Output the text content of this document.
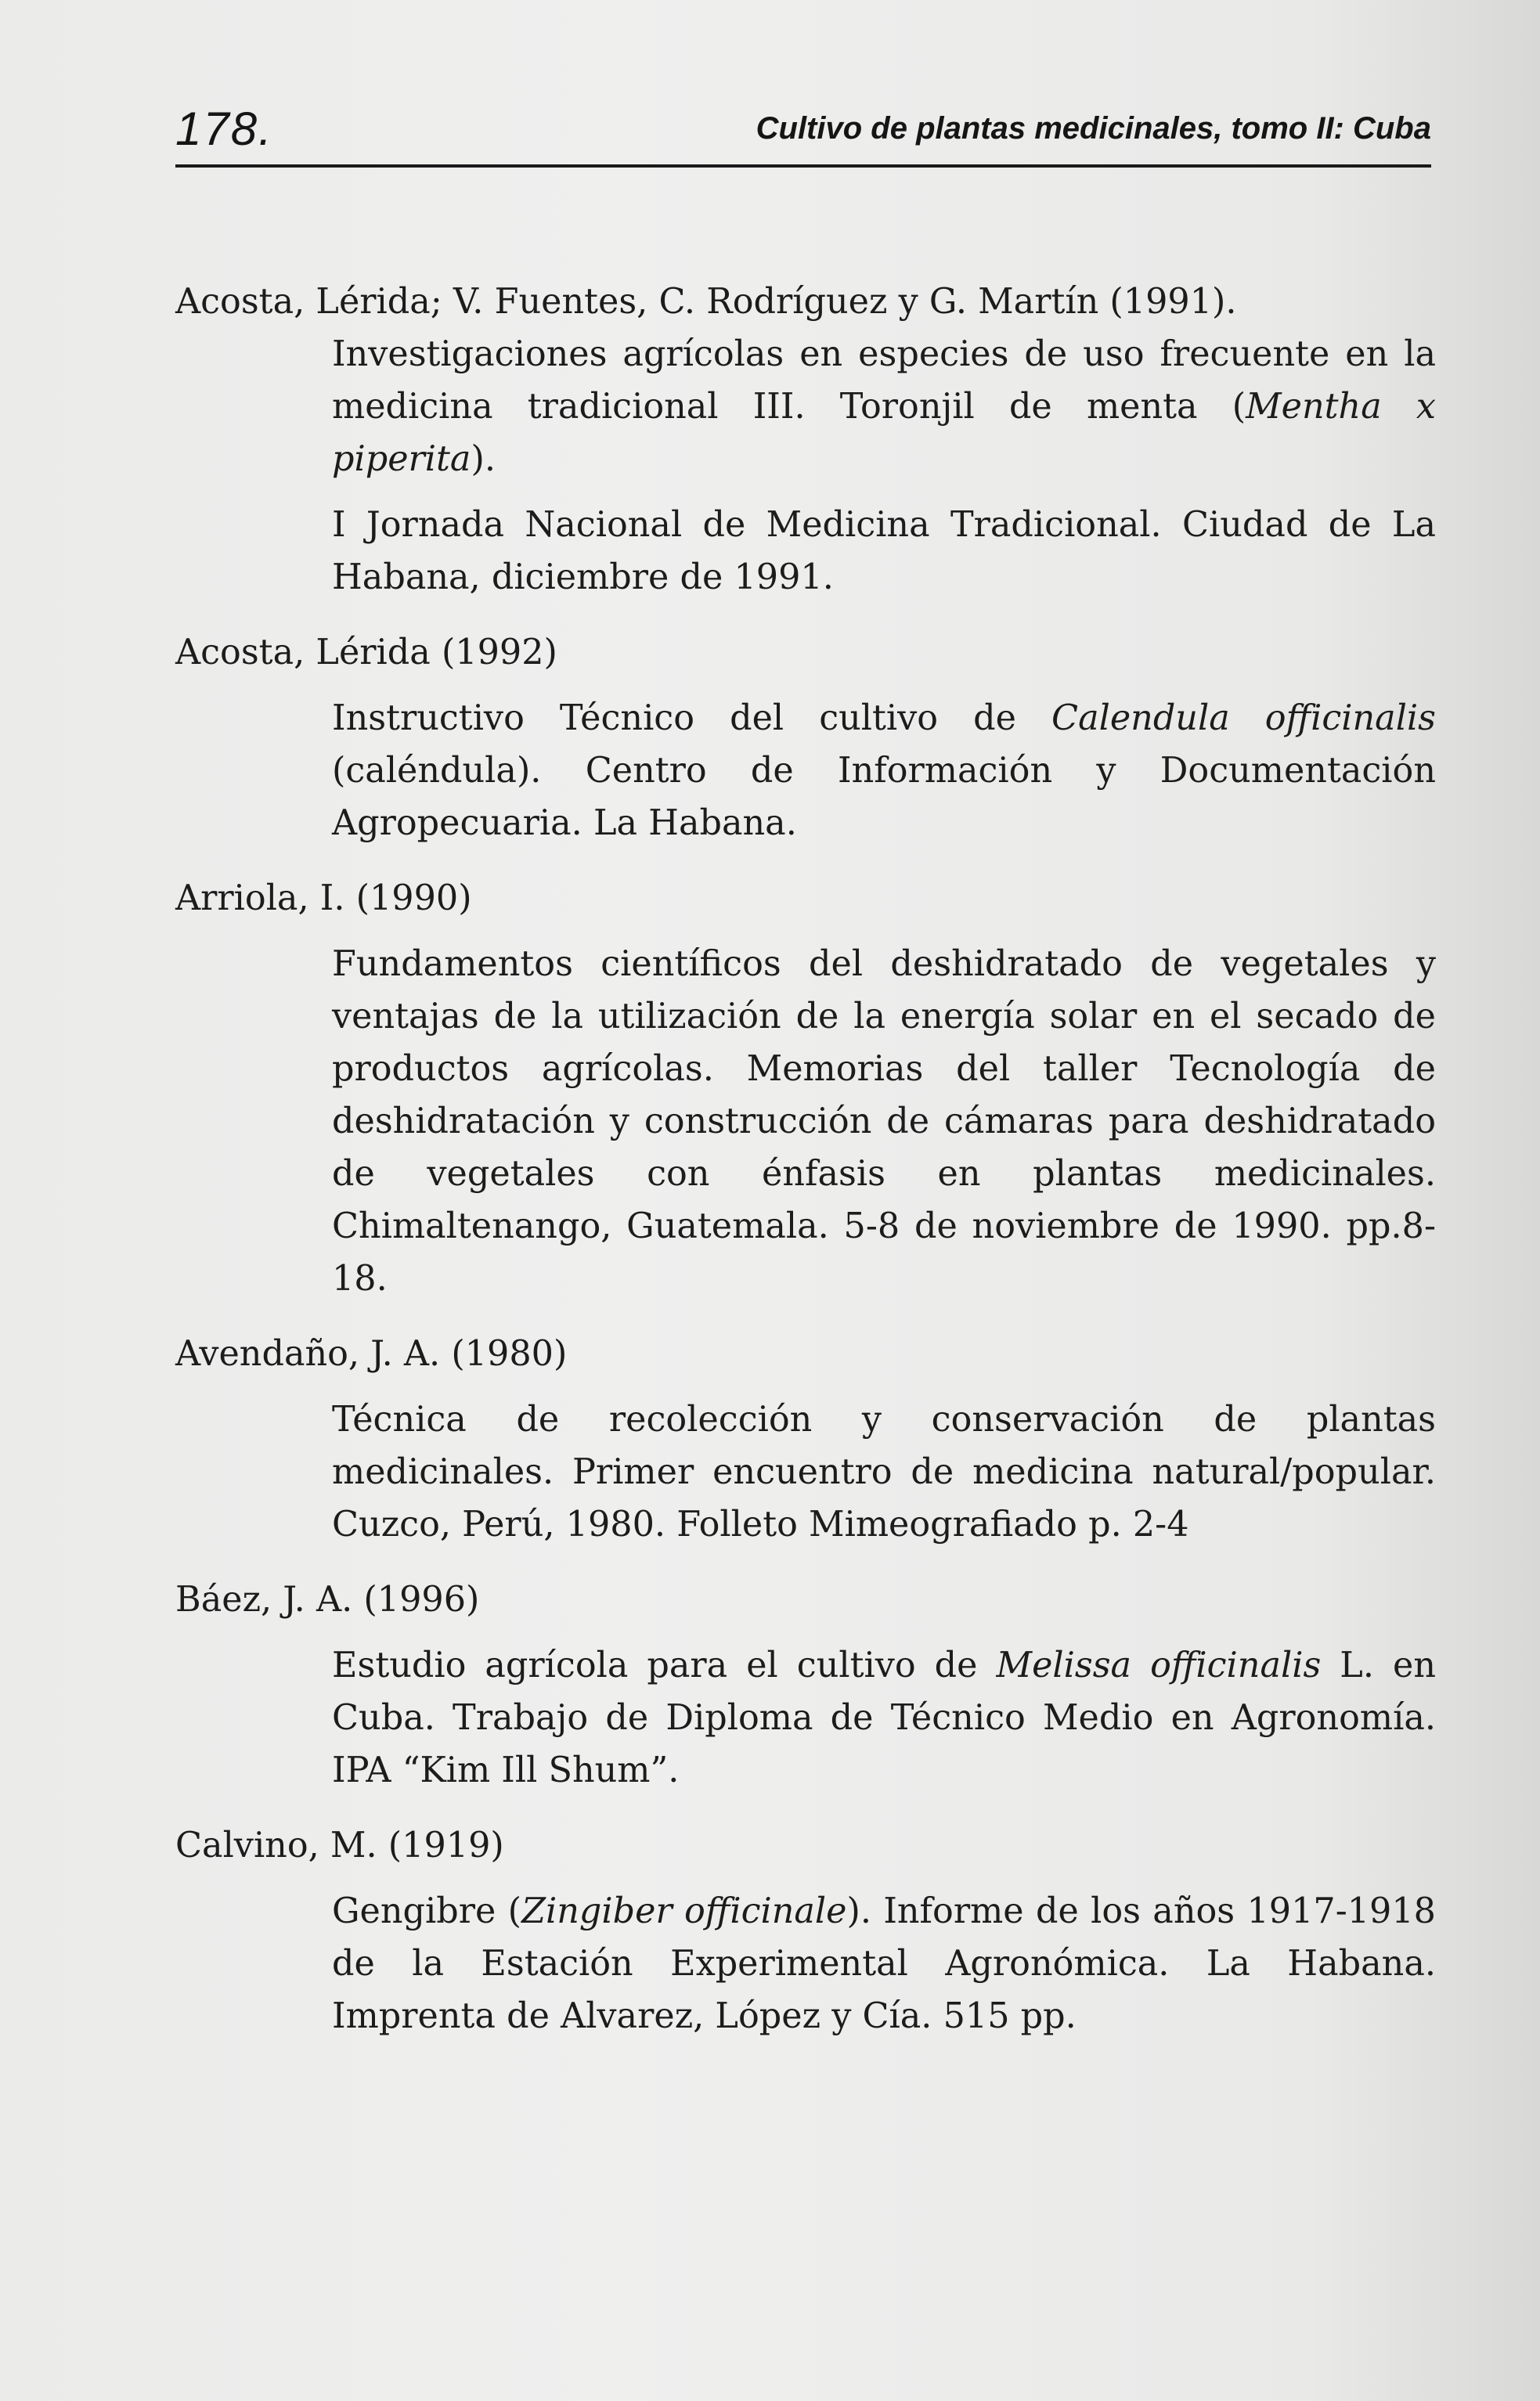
178.	Cultivo de plantas medicinales, tomo II: Cuba
Acosta, Lérida; V. Fuentes, C. Rodríguez y G. Martín (1991).
Investigaciones agrícolas en especies de uso frecuente en la medicina tradicional III. Toronjil de menta (Mentha x piperita).
I Jornada Nacional de Medicina Tradicional. Ciudad de La Habana, diciembre de 1991.
Acosta, Lérida (1992)
Instructivo Técnico del cultivo de Calendula officinalis (caléndula). Centro de Información y Documentación Agropecuaria. La Habana.
Arriola, I. (1990)
Fundamentos científicos del deshidratado de vegetales y ventajas de la utilización de la energía solar en el secado de productos agrícolas. Memorias del taller Tecnología de deshidratación y construcción de cámaras para deshidratado de vegetales con énfasis en plantas medicinales. Chimaltenango, Guatemala. 5-8 de noviembre de 1990. pp.8-18.
Avendaño, J. A. (1980)
Técnica de recolección y conservación de plantas medicinales. Primer encuentro de medicina natural/popular. Cuzco, Perú, 1980. Folleto Mimeografiado p. 2-4
Báez, J. A. (1996)
Estudio agrícola para el cultivo de Melissa officinalis L. en Cuba. Trabajo de Diploma de Técnico Medio en Agronomía. IPA “Kim Ill Shum”.
Calvino, M. (1919)
Gengibre (Zingiber officinale). Informe de los años 1917-1918 de la Estación Experimental Agronómica. La Habana. Imprenta de Alvarez, López y Cía. 515 pp.
